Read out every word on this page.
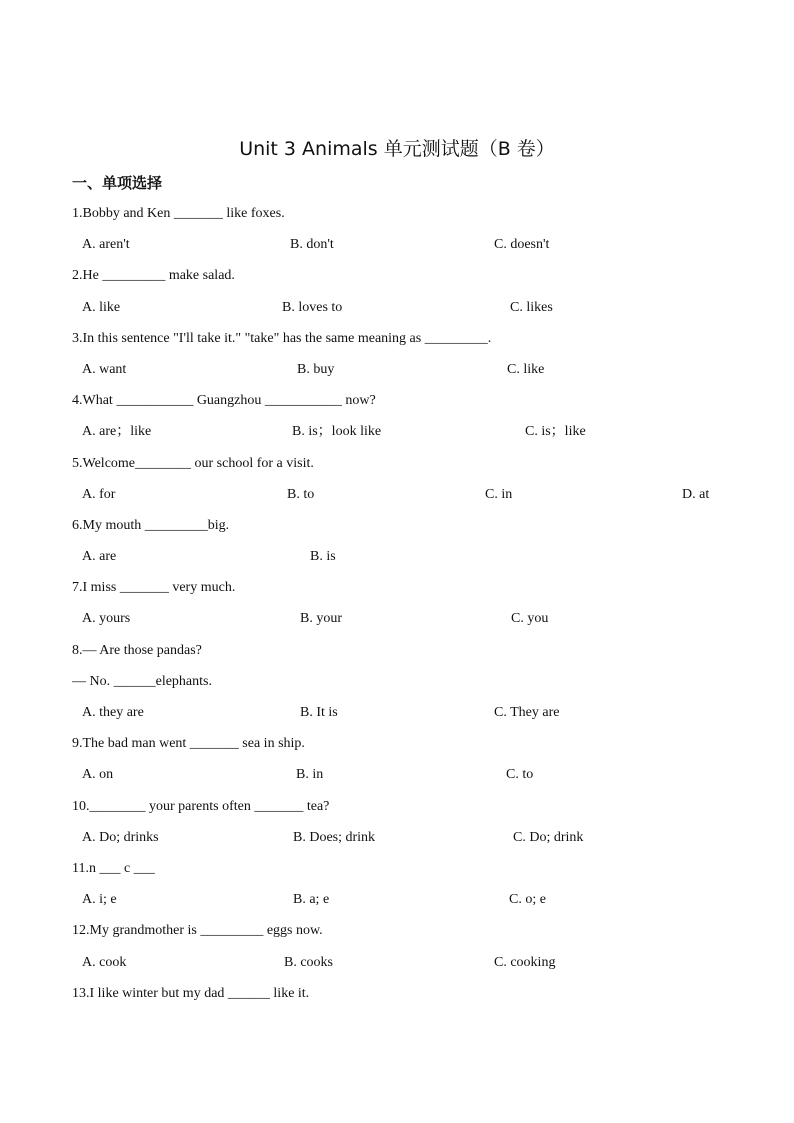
Unit 3 Animals 单元测试题（B 卷）
一、单项选择
1.Bobby and Ken _______ like foxes.
A. aren't	B. don't	C. doesn't
2.He _________ make salad.
A. like	B. loves to	C. likes
3.In this sentence "I'll take it." "take" has the same meaning as _________.
A. want	B. buy	C. like
4.What ___________ Guangzhou ___________ now?
A. are；like	B. is；look like	C. is；like
5.Welcome________ our school for a visit.
A. for	B. to	C. in	D. at
6.My mouth _________big.
A. are	B. is
7.I miss _______ very much.
A. yours	B. your	C. you
8.— Are those pandas?
— No. ______elephants.
A. they are	B. It is	C. They are
9.The bad man went _______ sea in ship.
A. on	B. in	C. to
10.________ your parents often _______ tea?
A. Do; drinks	B. Does; drink	C. Do; drink
11.n ___ c ___
A. i; e	B. a; e	C. o; e
12.My grandmother is _________ eggs now.
A. cook	B. cooks	C. cooking
13.I like winter but my dad ______ like it.
